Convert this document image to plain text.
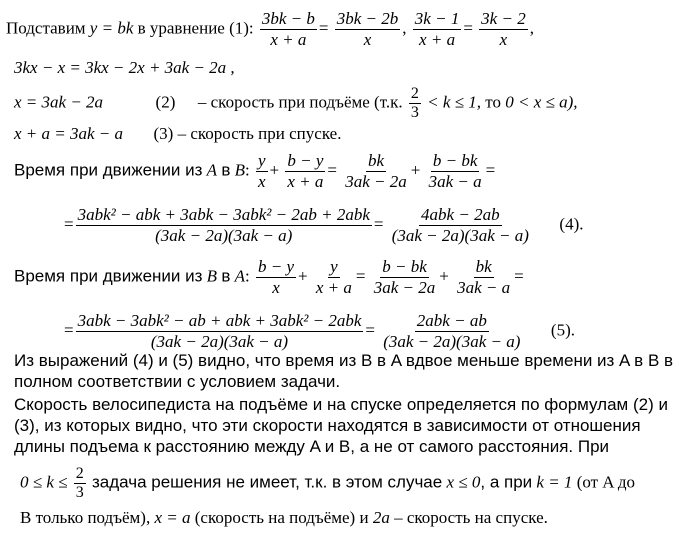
Подставим y = bk в уравнение (1): $\frac{3bk - b}{x + a} = \frac{3bk - 2b}{x}$ , $\frac{3k - 1}{x + a} = \frac{3k - 2}{x}$ ,
3kx − x = 3kx − 2x + 3ak − 2a ,
x = 3ak − 2a	(2) – скорость при подъёме (т.к. $\frac{2}{3} < k \le 1$, то 0 < x ≤ a),
x + a = 3ak − a (3) – скорость при спуске.
Время при движении из A в B: $\frac{y}{x} + \frac{b - y}{x + a} = \frac{bk}{3ak - 2a} + \frac{b - bk}{3ak - a}$ =
= $\frac{\text{3abk² − abk + 3abk − 3abk² − 2ab + 2abk}}{(3ak - 2a)(3ak - a)} = \frac{\text{4abk − 2ab}}{(3ak - 2a)(3ak - a)} (4)$.
Время при движении из B в A: $\frac{b - y}{x} + \frac{y}{x + a} = \frac{b - bk}{3ak - 2a} + \frac{bk}{3ak - a}$ =
= $\frac{\text{3abk − 3abk² − ab + abk + 3abk² − 2abk}}{(3ak - 2a)(3ak - a)} = \frac{\text{2abk − ab}}{(3ak - 2a)(3ak - a)} (5)$.
Из выражений (4) и (5) видно, что время из B в A вдвое меньше времени из A в B в полном соответствии с условием задачи.
Скорость велосипедиста на подъёме и на спуске определяется по формулам (2) и (3), из которых видно, что эти скорости находятся в зависимости от отношения длины подъема к расстоянию между A и B, а не от самого расстояния. При
$0 \le k \le \frac{2}{3}$ задача решения не имеет, т.к. в этом случае x ≤ 0, а при k = 1 (от A до
B только подъём), x = a (скорость на подъёме) и 2a – скорость на спуске.
